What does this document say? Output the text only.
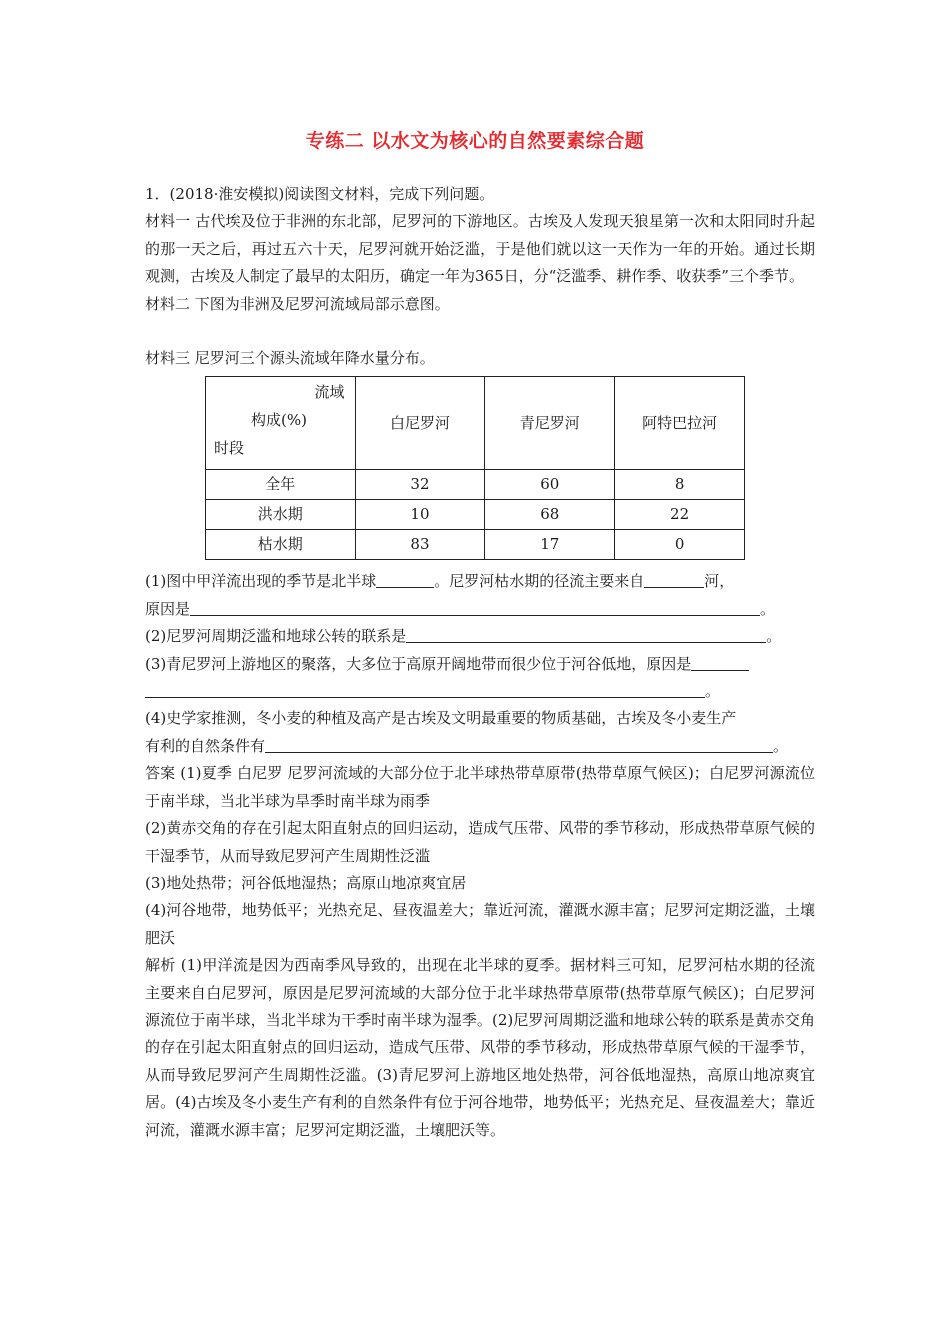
专练二 以水文为核心的自然要素综合题

1．(2018·淮安模拟)阅读图文材料，完成下列问题。

材料一 古代埃及位于非洲的东北部，尼罗河的下游地区。古埃及人发现天狼星第一次和太阳同时升起的那一天之后，再过五六十天，尼罗河就开始泛滥，于是他们就以这一天作为一年的开始。通过长期观测，古埃及人制定了最早的太阳历，确定一年为365日，分“泛滥季、耕作季、收获季”三个季节。

材料二 下图为非洲及尼罗河流域局部示意图。

材料三 尼罗河三个源头流域年降水量分布。

流域
构成(%)
时段	白尼罗河	青尼罗河	阿特巴拉河
全年	32	60	8
洪水期	10	68	22
枯水期	83	17	0

(1)图中甲洋流出现的季节是北半球	。尼罗河枯水期的径流主要来自	河，

原因是	。

(2)尼罗河周期泛滥和地球公转的联系是	。

(3)青尼罗河上游地区的聚落，大多位于高原开阔地带而很少位于河谷低地，原因是

。

(4)史学家推测，冬小麦的种植及高产是古埃及文明最重要的物质基础，古埃及冬小麦生产

有利的自然条件有	。

答案 (1)夏季 白尼罗 尼罗河流域的大部分位于北半球热带草原带(热带草原气候区)；白尼罗河源流位于南半球，当北半球为旱季时南半球为雨季

(2)黄赤交角的存在引起太阳直射点的回归运动，造成气压带、风带的季节移动，形成热带草原气候的干湿季节，从而导致尼罗河产生周期性泛滥

(3)地处热带；河谷低地湿热；高原山地凉爽宜居

(4)河谷地带，地势低平；光热充足、昼夜温差大；靠近河流，灌溉水源丰富；尼罗河定期泛滥，土壤肥沃

解析 (1)甲洋流是因为西南季风导致的，出现在北半球的夏季。据材料三可知，尼罗河枯水期的径流主要来自白尼罗河，原因是尼罗河流域的大部分位于北半球热带草原带(热带草原气候区)；白尼罗河源流位于南半球，当北半球为干季时南半球为湿季。(2)尼罗河周期泛滥和地球公转的联系是黄赤交角的存在引起太阳直射点的回归运动，造成气压带、风带的季节移动，形成热带草原气候的干湿季节，从而导致尼罗河产生周期性泛滥。(3)青尼罗河上游地区地处热带，河谷低地湿热，高原山地凉爽宜居。(4)古埃及冬小麦生产有利的自然条件有位于河谷地带，地势低平；光热充足、昼夜温差大；靠近河流，灌溉水源丰富；尼罗河定期泛滥，土壤肥沃等。
